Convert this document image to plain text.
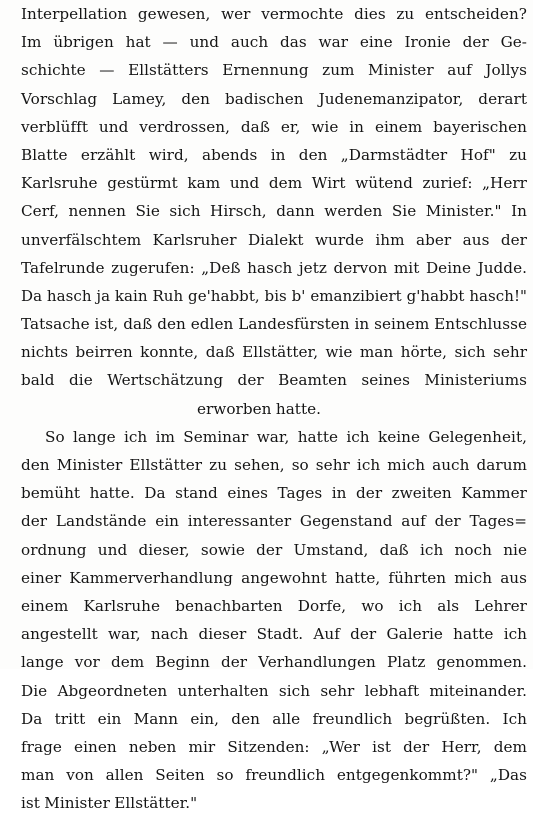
Interpellation gewesen, wer vermochte dies zu entscheiden?
Im übrigen hat — und auch das war eine Ironie der Ge-
schichte — Ellstätters Ernennung zum Minister auf Jollys
Vorschlag Lamey, den badischen Judenemanzipator, derart
verblüfft und verdrossen, daß er, wie in einem bayerischen
Blatte erzählt wird, abends in den „Darmstädter Hof" zu
Karlsruhe gestürmt kam und dem Wirt wütend zurief: „Herr
Cerf, nennen Sie sich Hirsch, dann werden Sie Minister." In
unverfälschtem Karlsruher Dialekt wurde ihm aber aus der
Tafelrunde zugerufen: „Deß hasch jetz dervon mit Deine Judde.
Da hasch ja kain Ruh ge'habbt, bis b' emanzibiert g'habbt hasch!"
Tatsache ist, daß den edlen Landesfürsten in seinem Entschlusse
nichts beirren konnte, daß Ellstätter, wie man hörte, sich sehr
bald die Wertschätzung der Beamten seines Ministeriums
erworben hatte.
So lange ich im Seminar war, hatte ich keine Gelegenheit,
den Minister Ellstätter zu sehen, so sehr ich mich auch darum
bemüht hatte. Da stand eines Tages in der zweiten Kammer
der Landstände ein interessanter Gegenstand auf der Tages=
ordnung und dieser, sowie der Umstand, daß ich noch nie
einer Kammerverhandlung angewohnt hatte, führten mich aus
einem Karlsruhe benachbarten Dorfe, wo ich als Lehrer
angestellt war, nach dieser Stadt. Auf der Galerie hatte ich
lange vor dem Beginn der Verhandlungen Platz genommen.
Die Abgeordneten unterhalten sich sehr lebhaft miteinander.
Da tritt ein Mann ein, den alle freundlich begrüßten. Ich
frage einen neben mir Sitzenden: „Wer ist der Herr, dem
man von allen Seiten so freundlich entgegenkommt?" „Das
ist Minister Ellstätter."
